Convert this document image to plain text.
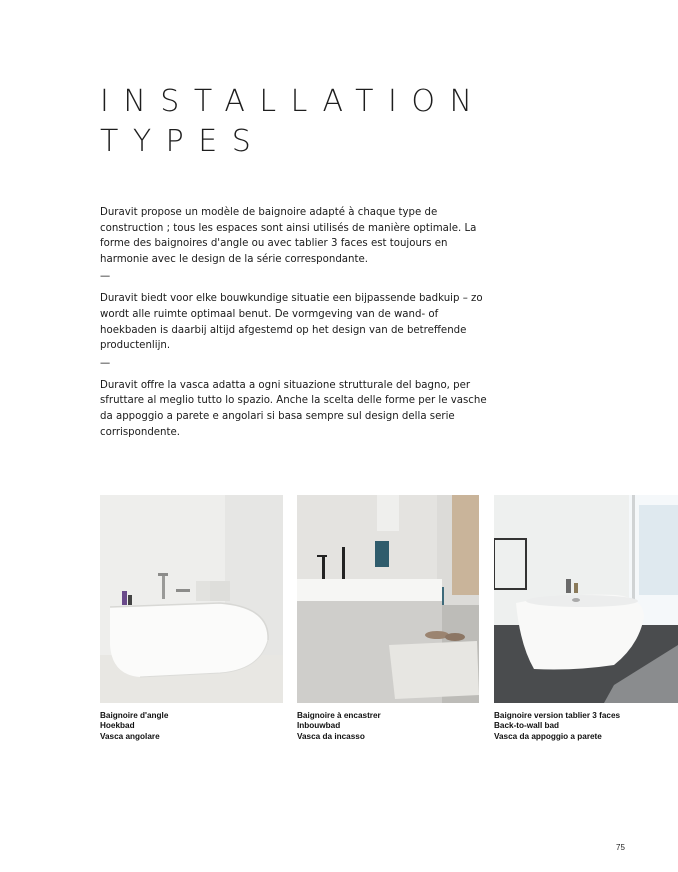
INSTALLATION
TYPES

Duravit propose un modèle de baignoire adapté à chaque type de construction ; tous les espaces sont ainsi utilisés de manière optimale. La forme des baignoires d'angle ou avec tablier 3 faces est toujours en harmonie avec le design de la série correspondante.

—

Duravit biedt voor elke bouwkundige situatie een bijpassende badkuip – zo wordt alle ruimte optimaal benut. De vormgeving van de wand- of hoekbaden is daarbij altijd afgestemd op het design van de betreffende productenlijn.

—

Duravit offre la vasca adatta a ogni situazione strutturale del bagno, per sfruttare al meglio tutto lo spazio. Anche la scelta delle forme per le vasche da appoggio a parete e angolari si basa sempre sul design della serie corrispondente.

Baignoire d'angle
Hoekbad
Vasca angolare
Baignoire à encastrer
Inbouwbad
Vasca da incasso
Baignoire version tablier 3 faces
Back-to-wall bad
Vasca da appoggio a parete
75
